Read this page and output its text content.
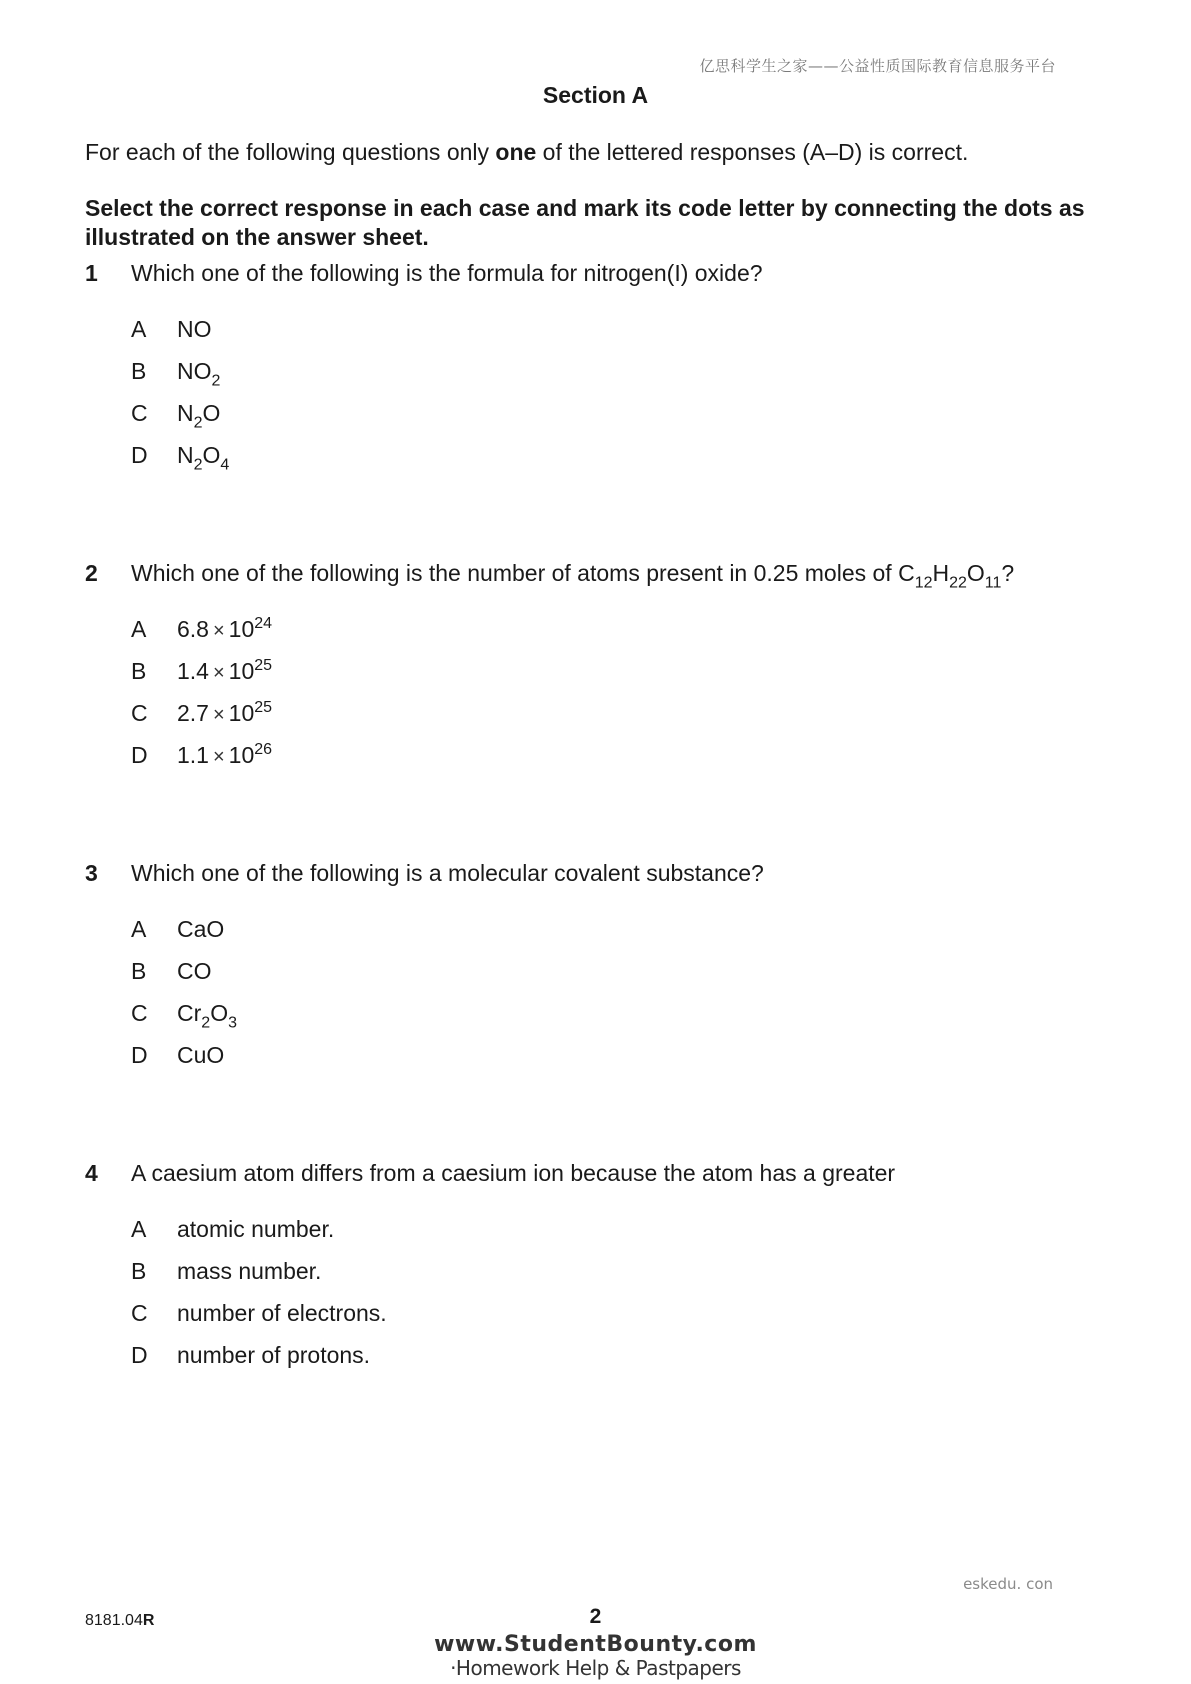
亿思科学生之家——公益性质国际教育信息服务平台
Section A
For each of the following questions only one of the lettered responses (A–D) is correct.
Select the correct response in each case and mark its code letter by connecting the dots as illustrated on the answer sheet.
1 Which one of the following is the formula for nitrogen(I) oxide?
A NO
B $NO_2$
C $N_2O$
D $N_2O_4$
2 Which one of the following is the number of atoms present in 0.25 moles of $C_{12}H_{22}O_{11}$?
A $6.8 \times 10^{24}$
B $1.4 \times 10^{25}$
C $2.7 \times 10^{25}$
D $1.1 \times 10^{26}$
3 Which one of the following is a molecular covalent substance?
A CaO
B CO
C $Cr_2O_3$
D CuO
4 A caesium atom differs from a caesium ion because the atom has a greater
A atomic number.
B mass number.
C number of electrons.
D number of protons.
eskedu. con
8181.04R	2
www.StudentBounty.com
·Homework Help & Pastpapers
